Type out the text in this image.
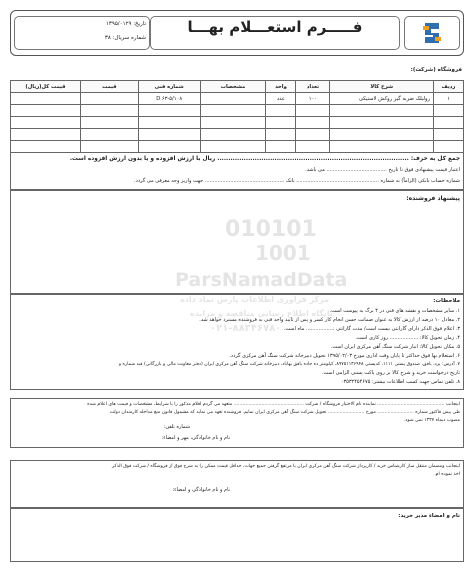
فـــــرم استعـــلام بهـــا
تاریخ: ۱۳۹۵/۰۱۲۹
شماره سریال: ۳۸
فروشگاه (شرکت):
ردیف	شرح کالا	تعداد	واحد	مشخصات	شماره فنی	قیمت	قیمت کل(ریال)
۱	رولبلک ضربه گیر روکش لاستیکی	۱۰۰	عدد		D ۶۳-۵/۱۰۸		

جمع کل به حرف: ....................................................................................... ریال با ارزش افزوده و یا بدون ارزش افزوده است.
اعتبار قیمت پیشنهادی فوق تا تاریخ ...................................... می باشد.
شماره حساب بانکی (الزاماً) به شماره .................................................... بانک .................................................. جهت واریز وجه معرفی می گردد.
پیشنهاد فروشنده:
010101
1001
ParsNamadData
مرکز فراوری اطلاعات پارس نماد داده
پایگاه اطلاع رسانی مناقصه و مزایده
۰۲۱-۸۸۳۴۶۷۸۰
ملاحظات:
۱. سایر مشخصات و نقشه های فنی در ۴ برگ به پیوست است.
۲. معادل ۱۰ درصد از ارزش کالا به عنوان ضمانت حسن انجام کار کسر و پس از تایید واحد فنی به فروشنده مسترد خواهد شد.
۳. اعلام فوق الذکر دارای گارانتی نیست است/ مدت گارانتی .................. ماه است.
۴. زمان تحویل کالا: .................. روز کاری است.
۵. مکان تحویل کالا: انبار شرکت سنگ آهن مرکزی ایران است.
۶. استعلام بها فوق حداکثر تا پایان وقت اداری مورخ ۱۳۹۵/۰۲/۰۳ تحویل دبیرخانه شرکت سنگ آهن مرکزی گردد.
۷. آدرس: یزد، بافق، صندوق پستی ۱۱۱۱، کدپستی ۸۹۷۵۱۱۳۶۹۴۸، کیلومتر ده جاده بافق بهاباد، دبیرخانه شرکت سنگ آهن مرکزی ایران (دفتر معاونت مالی و بازرگانی) قید شماره و
تاریخ درخواست خرید و شرح کالا بر روی پاکت پستی الزامی است.
۸. تلفن تماس جهت کسب اطلاعات بیشتر: ۰۳۵۳۲۴۵۴۶۷۵
اینجانب .............................................. نماینده تام الاختیار فروشگاه / شرکت ................................................ متعهد می گردم اقلام مذکور را با شرایط، مشخصات و قیمت های اعلام شده
طی پیش فاکتور شماره ......................... مورخ ......................... تحویل شرکت سنگ آهن مرکزی ایران نمایم. فروشنده تعهد می نماید که مشمول قانون منع مداخله کارمندان دولت
مصوب دیماه ۱۳۳۷ نمی شود.
شماره تلفن:
نام و نام خانوادگی، مهر و امضاء:
اینجانب ومضمان منتقل ساز کارشناس خرید / کارپرداز شرکت سنگ آهن مرکزی ایران با مرتفع گرفتن جمیع جهات، حداقل قیمت ممکن را به شرح فوق از فروشگاه / شرکت فوق الذکر
اخذ نموده ام.
نام و نام خانوادگی و امضاء:
نام و امضاء مدیر خرید:
